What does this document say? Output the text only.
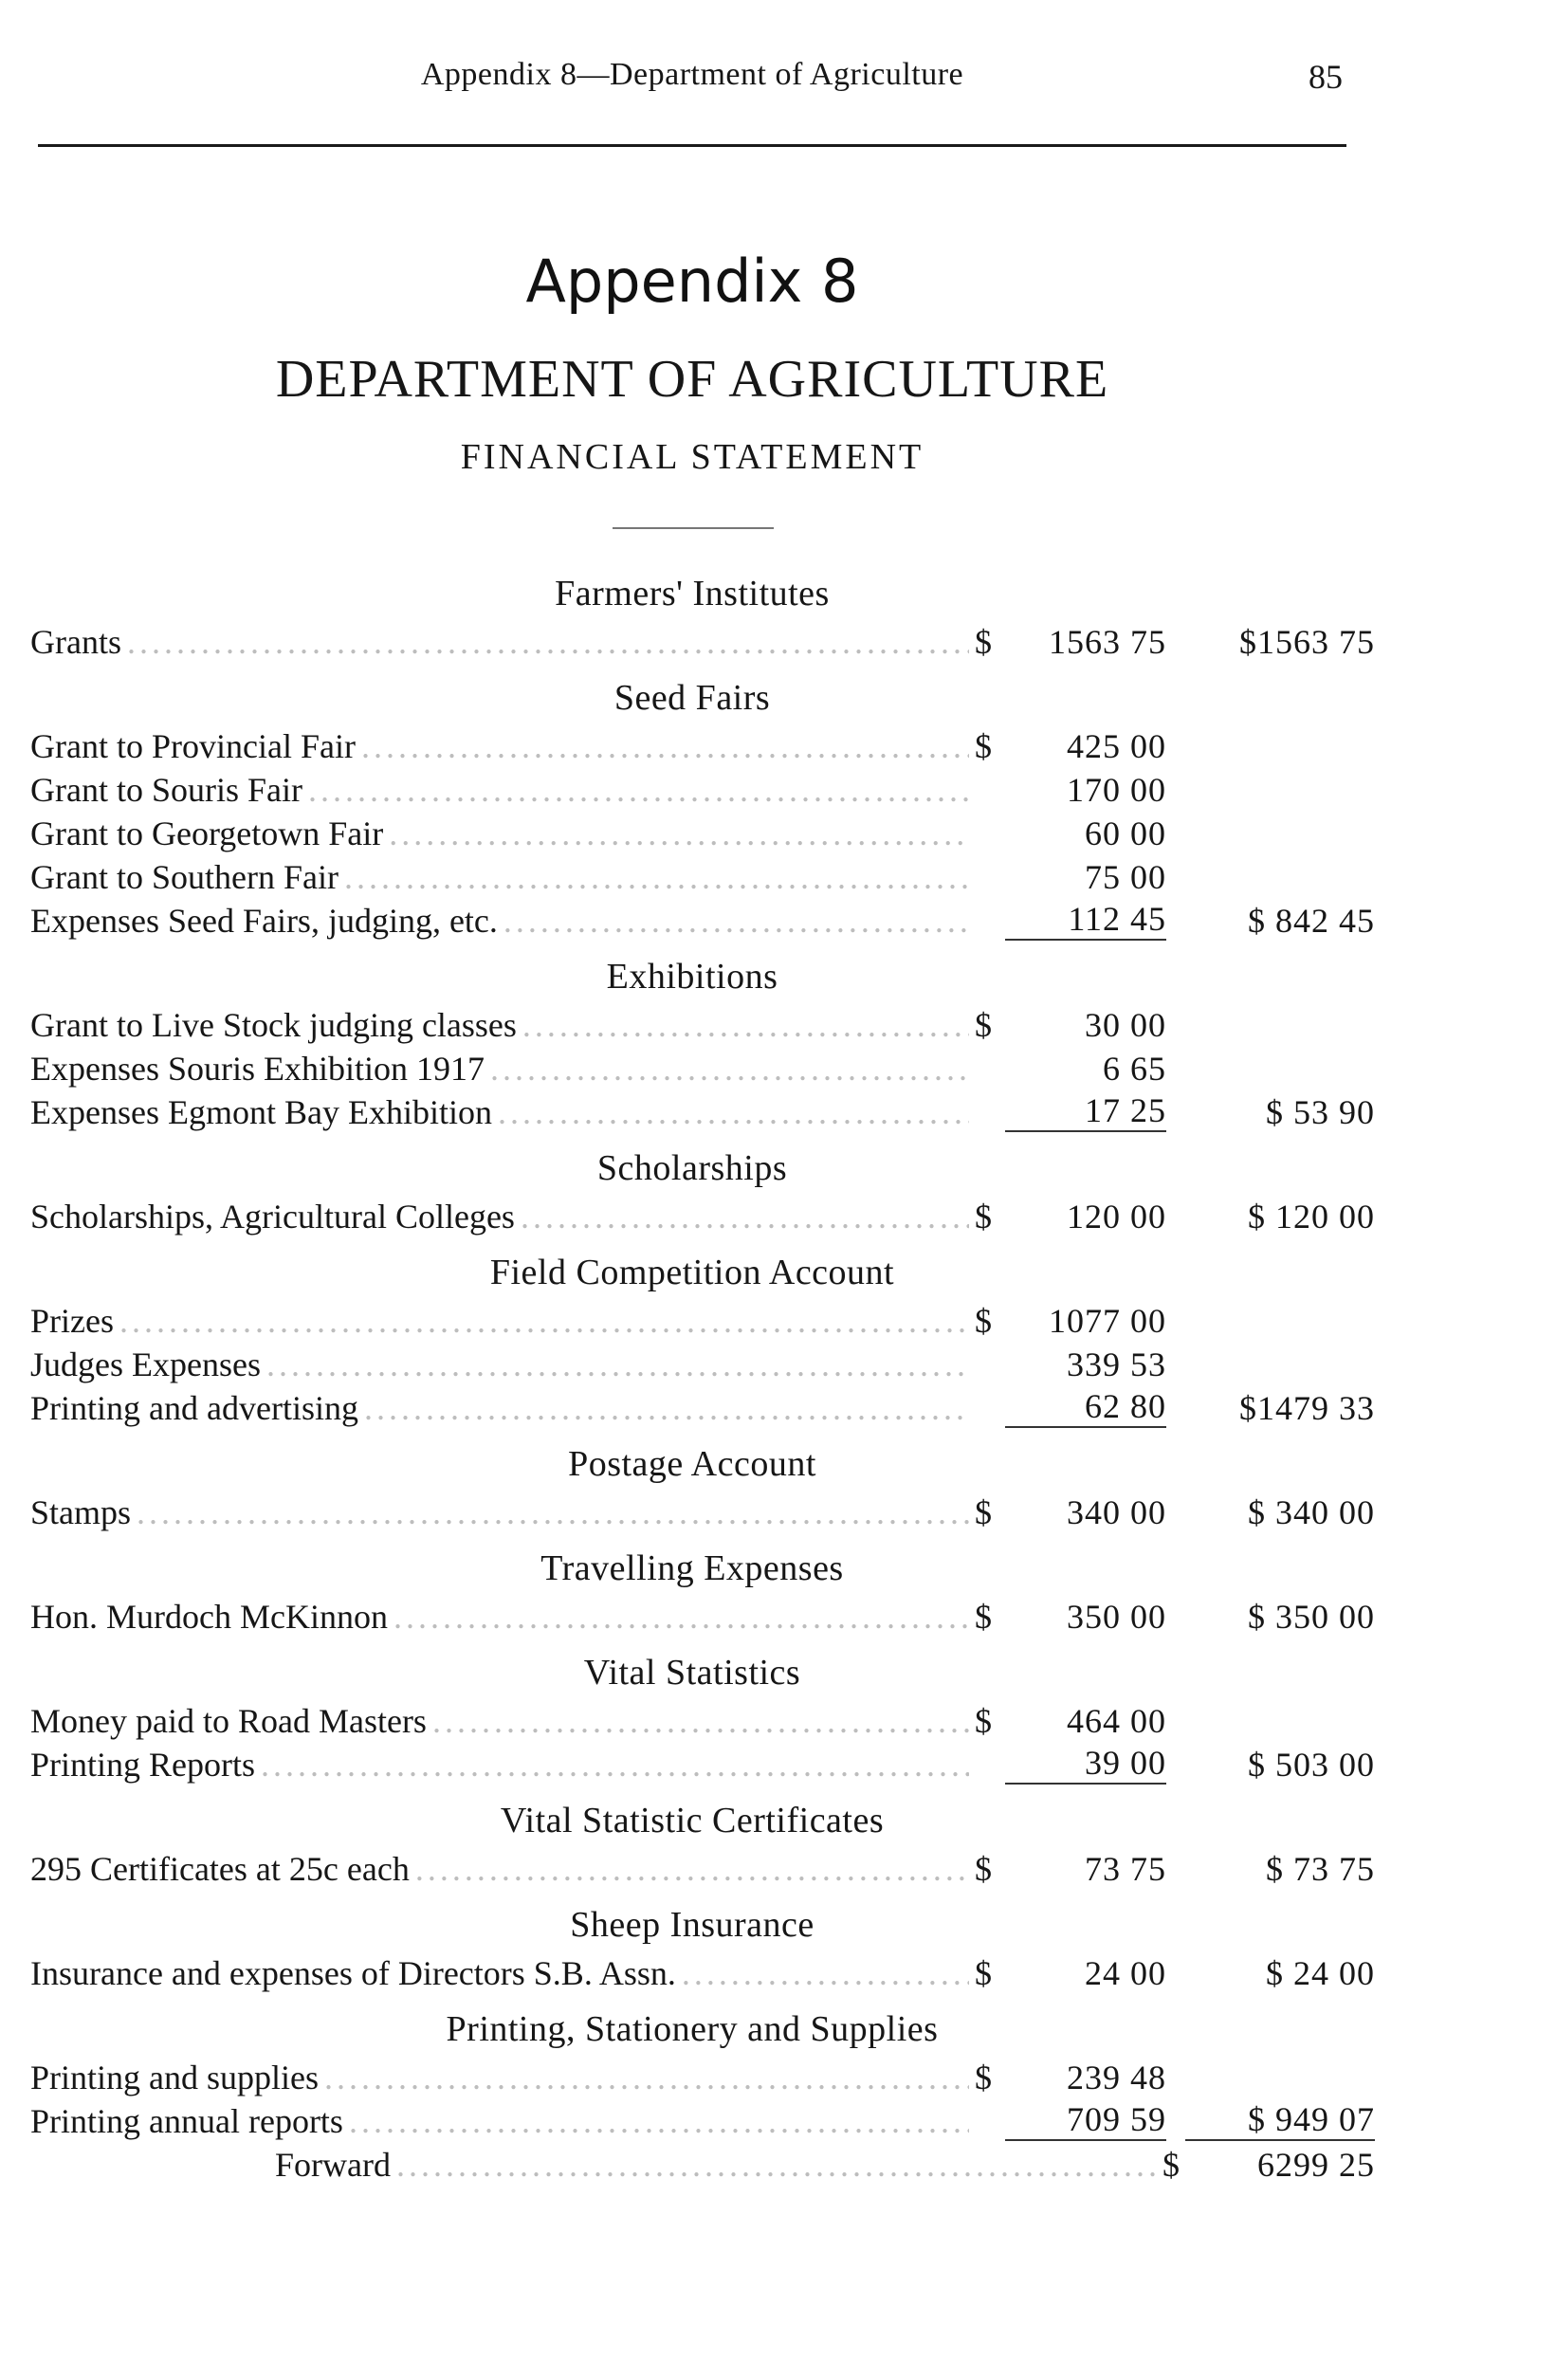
Appendix 8—Department of Agriculture	85
Appendix 8
DEPARTMENT OF AGRICULTURE
FINANCIAL STATEMENT
Farmers' Institutes
Grants .....	$	1563 75	$1563 75
Seed Fairs
Grant to Provincial Fair .....	$	425 00
Grant to Souris Fair .....	170 00
Grant to Georgetown Fair .....	60 00
Grant to Southern Fair .....	75 00
Expenses Seed Fairs, judging, etc. .....	112 45	$ 842 45
Exhibitions
Grant to Live Stock judging classes .....	$	30 00
Expenses Souris Exhibition 1917 .....	6 65
Expenses Egmont Bay Exhibition .....	17 25	$ 53 90
Scholarships
Scholarships, Agricultural Colleges .....	$	120 00	$ 120 00
Field Competition Account
Prizes .....	$	1077 00
Judges Expenses .....	339 53
Printing and advertising .....	62 80	$1479 33
Postage Account
Stamps .....	$	340 00	$ 340 00
Travelling Expenses
Hon. Murdoch McKinnon .....	$	350 00	$ 350 00
Vital Statistics
Money paid to Road Masters .....	$	464 00
Printing Reports .....	39 00	$ 503 00
Vital Statistic Certificates
295 Certificates at 25c each .....	$	73 75	$ 73 75
Sheep Insurance
Insurance and expenses of Directors S.B. Assn. .....	$	24 00	$ 24 00
Printing, Stationery and Supplies
Printing and supplies .....	$	239 48
Printing annual reports .....	709 59	$ 949 07
Forward .....	$	6299 25
